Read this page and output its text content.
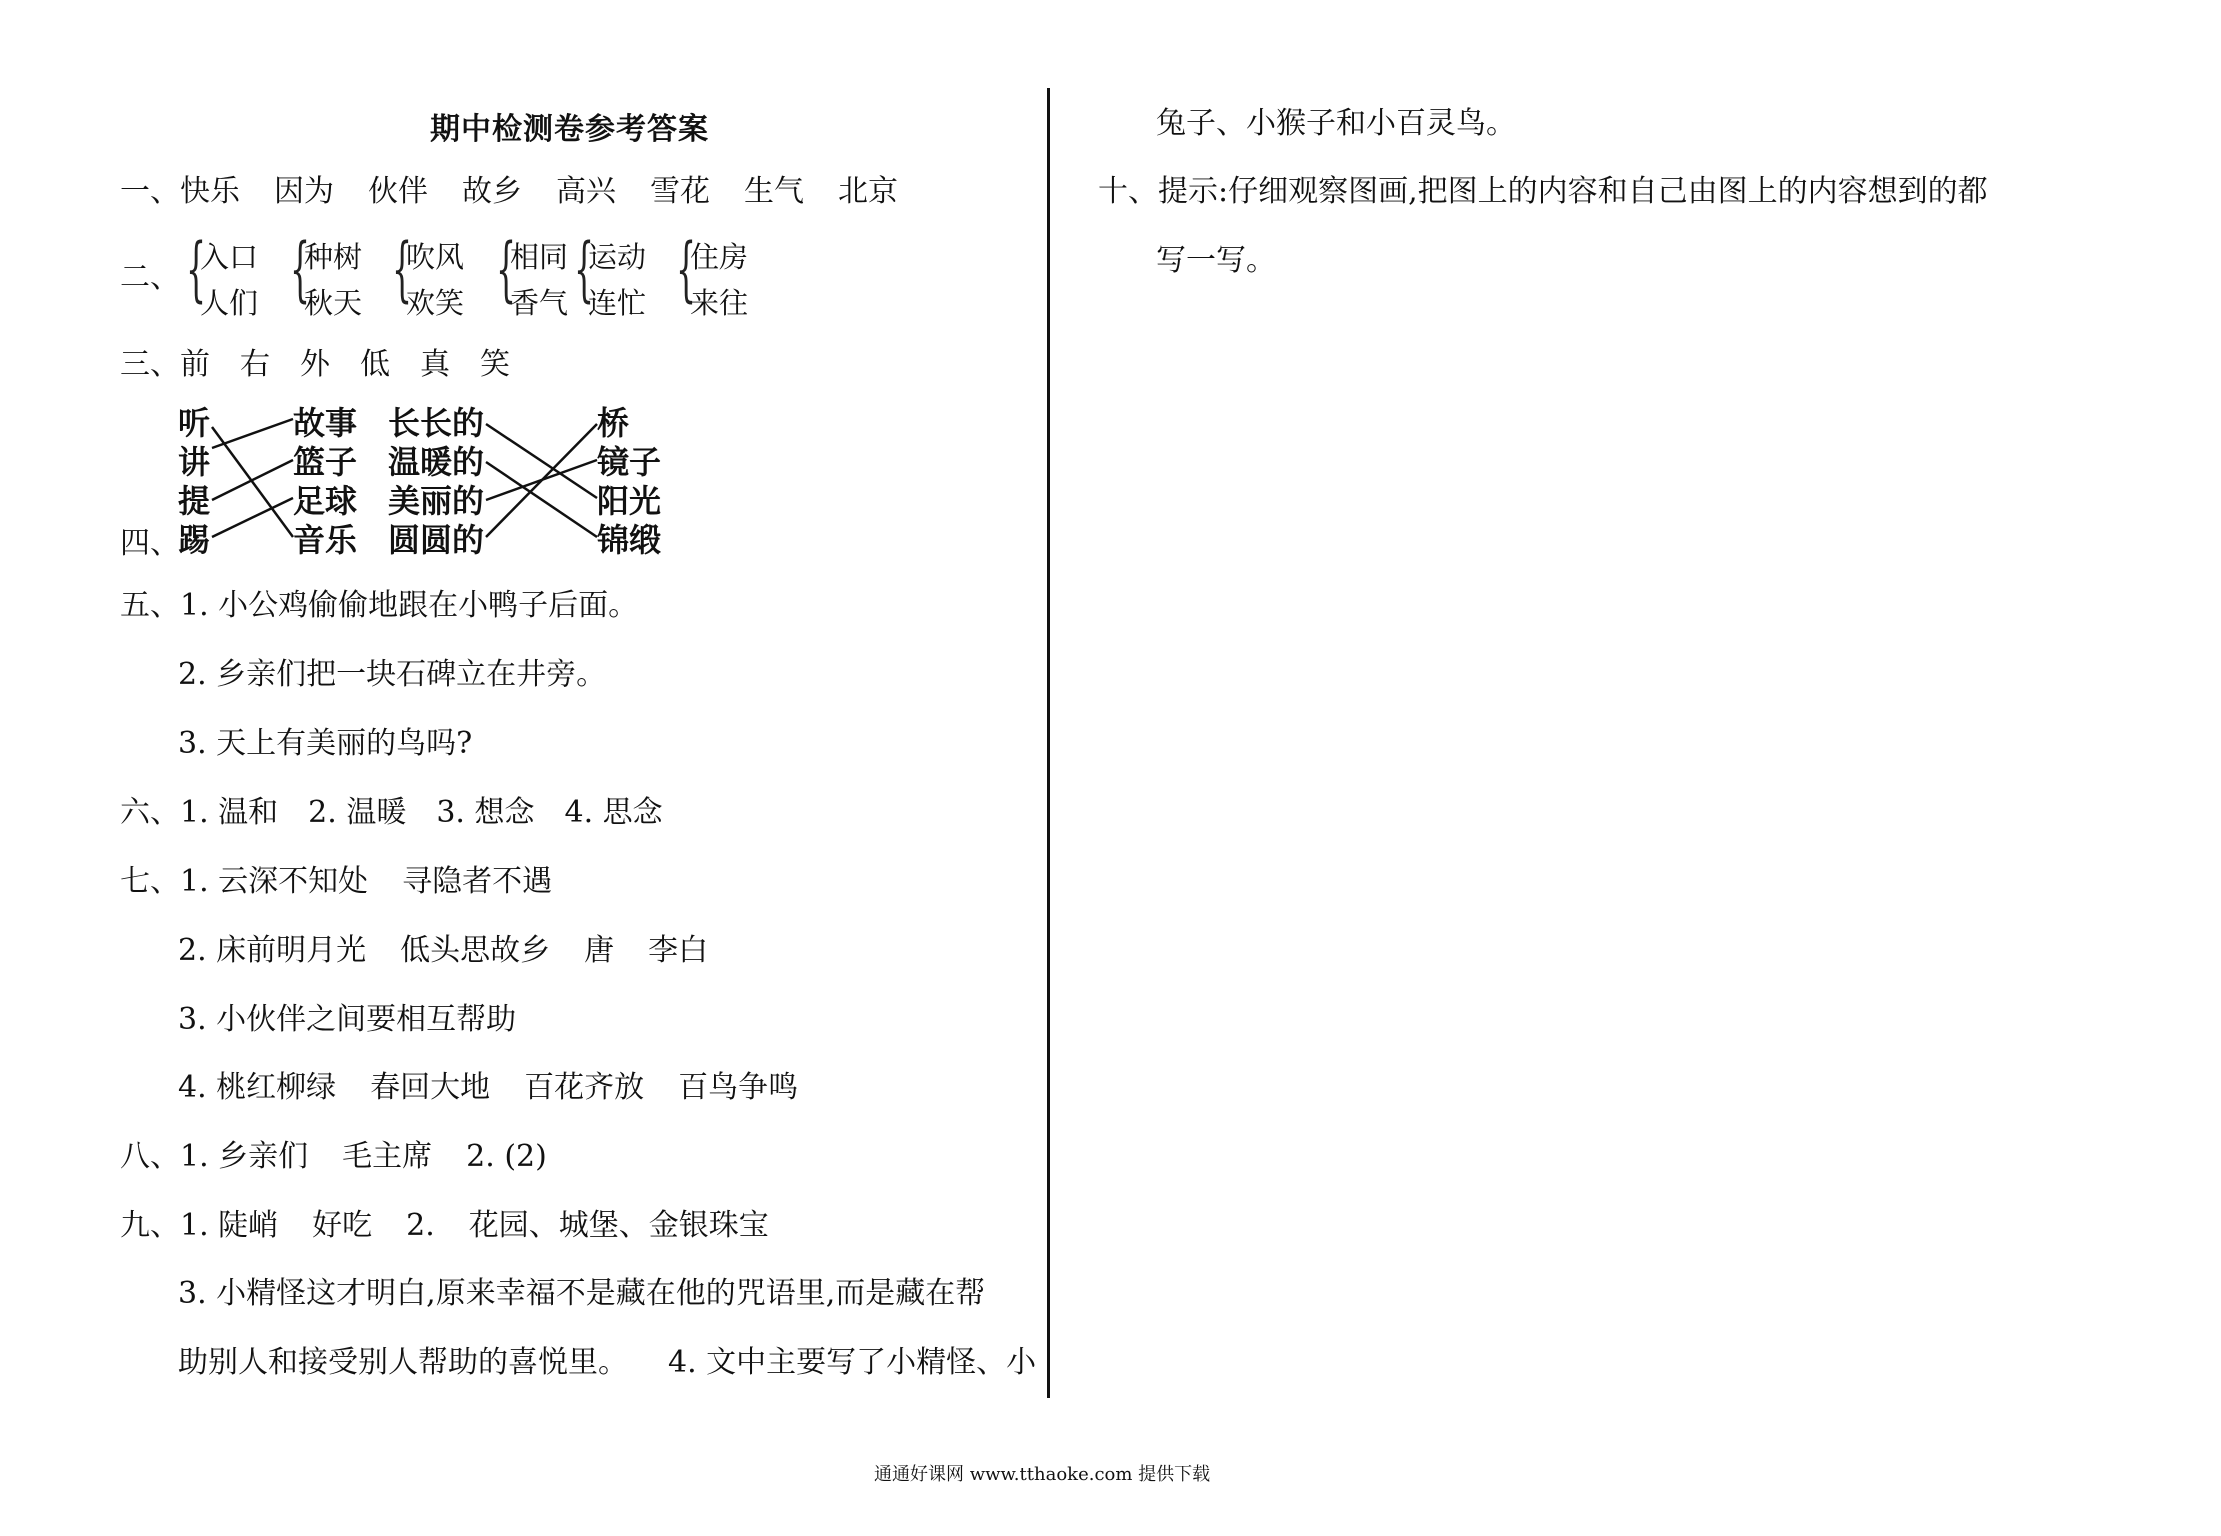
期中检测卷参考答案
一、快乐 因为 伙伴 故乡 高兴 雪花 生气 北京
二、 {
入口
人们 {
种树
秋天 {
吹风
欢笑 {
相同
香气 {
运动
连忙 {
住房
来往
三、前 右 外 低 真 笑
四、
听
讲
提
踢
故事
篮子
足球
音乐
长长的
温暖的
美丽的
圆圆的
桥
镜子
阳光
锦缎
五、1. 小公鸡偷偷地跟在小鸭子后面。
2. 乡亲们把一块石碑立在井旁。
3. 天上有美丽的鸟吗?
六、1. 温和 2. 温暖 3. 想念 4. 思念
七、1. 云深不知处 寻隐者不遇
2. 床前明月光 低头思故乡 唐 李白
3. 小伙伴之间要相互帮助
4. 桃红柳绿 春回大地 百花齐放 百鸟争鸣
八、1. 乡亲们 毛主席 2. (2)
九、1. 陡峭 好吃 2. 花园、城堡、金银珠宝
3. 小精怪这才明白,原来幸福不是藏在他的咒语里,而是藏在帮
助别人和接受别人帮助的喜悦里。 4. 文中主要写了小精怪、小
兔子、小猴子和小百灵鸟。
十、提示:仔细观察图画,把图上的内容和自己由图上的内容想到的都
写一写。
通通好课网 www.tthaoke.com 提供下载
